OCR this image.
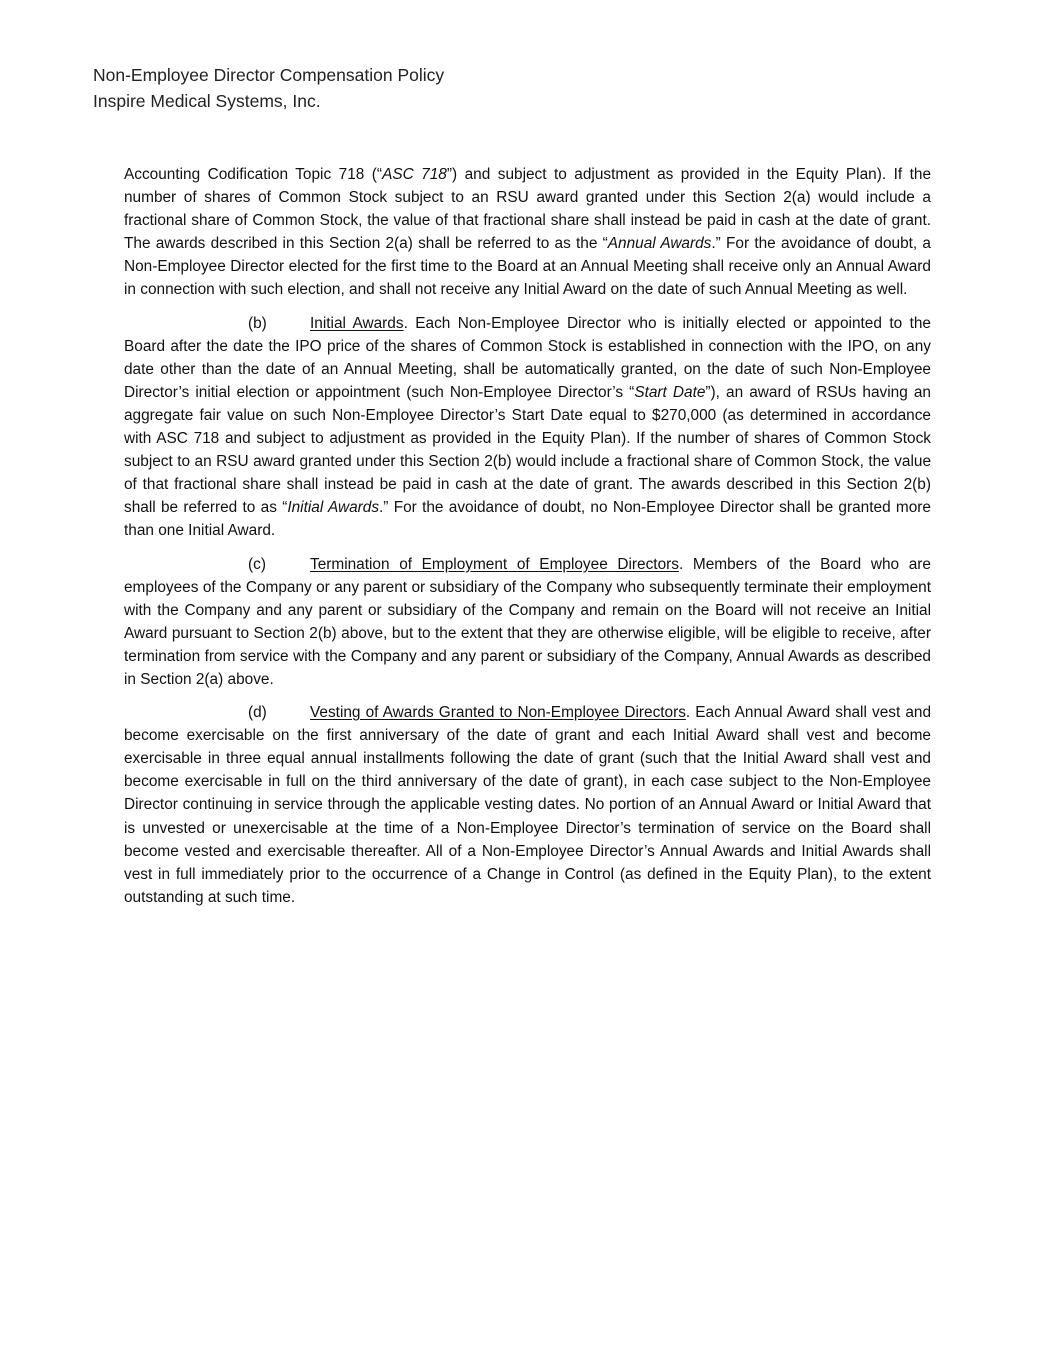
Non-Employee Director Compensation Policy
Inspire Medical Systems, Inc.

Accounting Codification Topic 718 (“ASC 718”) and subject to adjustment as provided in the Equity Plan). If the number of shares of Common Stock subject to an RSU award granted under this Section 2(a) would include a fractional share of Common Stock, the value of that fractional share shall instead be paid in cash at the date of grant. The awards described in this Section 2(a) shall be referred to as the “Annual Awards.” For the avoidance of doubt, a Non-Employee Director elected for the first time to the Board at an Annual Meeting shall receive only an Annual Award in connection with such election, and shall not receive any Initial Award on the date of such Annual Meeting as well.

(b)	Initial Awards. Each Non-Employee Director who is initially elected or appointed to the Board after the date the IPO price of the shares of Common Stock is established in connection with the IPO, on any date other than the date of an Annual Meeting, shall be automatically granted, on the date of such Non-Employee Director’s initial election or appointment (such Non-Employee Director’s “Start Date”), an award of RSUs having an aggregate fair value on such Non-Employee Director’s Start Date equal to $270,000 (as determined in accordance with ASC 718 and subject to adjustment as provided in the Equity Plan). If the number of shares of Common Stock subject to an RSU award granted under this Section 2(b) would include a fractional share of Common Stock, the value of that fractional share shall instead be paid in cash at the date of grant. The awards described in this Section 2(b) shall be referred to as “Initial Awards.” For the avoidance of doubt, no Non-Employee Director shall be granted more than one Initial Award.

(c)	Termination of Employment of Employee Directors. Members of the Board who are employees of the Company or any parent or subsidiary of the Company who subsequently terminate their employment with the Company and any parent or subsidiary of the Company and remain on the Board will not receive an Initial Award pursuant to Section 2(b) above, but to the extent that they are otherwise eligible, will be eligible to receive, after termination from service with the Company and any parent or subsidiary of the Company, Annual Awards as described in Section 2(a) above.

(d)	Vesting of Awards Granted to Non-Employee Directors. Each Annual Award shall vest and become exercisable on the first anniversary of the date of grant and each Initial Award shall vest and become exercisable in three equal annual installments following the date of grant (such that the Initial Award shall vest and become exercisable in full on the third anniversary of the date of grant), in each case subject to the Non-Employee Director continuing in service through the applicable vesting dates. No portion of an Annual Award or Initial Award that is unvested or unexercisable at the time of a Non-Employee Director’s termination of service on the Board shall become vested and exercisable thereafter. All of a Non-Employee Director’s Annual Awards and Initial Awards shall vest in full immediately prior to the occurrence of a Change in Control (as defined in the Equity Plan), to the extent outstanding at such time.
